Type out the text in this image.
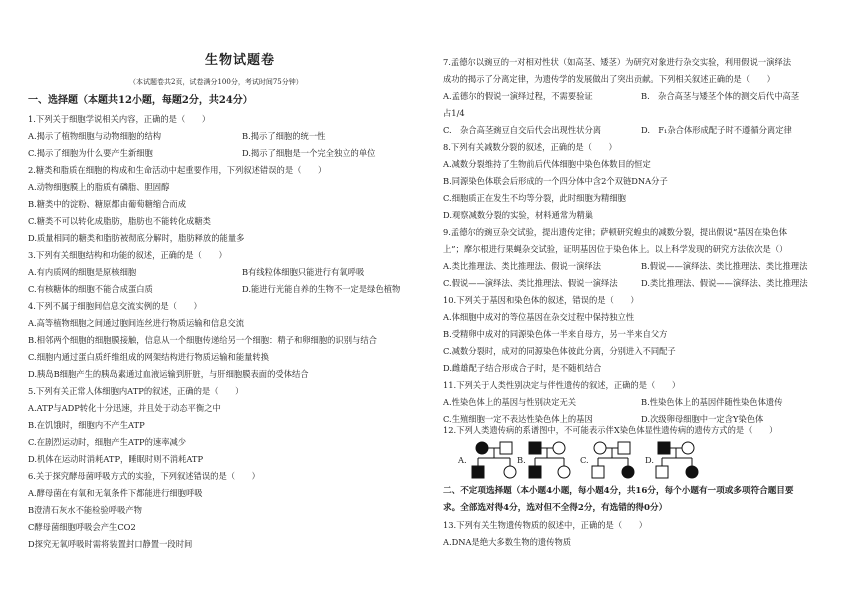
生物试题卷
（本试题卷共2页，试卷满分100分，考试时间75分钟）
一、选择题（本题共12小题，每题2分，共24分）
1.下列关于细胞学说相关内容，正确的是（　　）
A.揭示了植物细胞与动物细胞的结构	B.揭示了细胞的统一性
C.揭示了细胞为什么要产生新细胞	D.揭示了细胞是一个完全独立的单位
2.糖类和脂质在细胞的构成和生命活动中起重要作用，下列叙述错误的是（　　）
A.动物细胞膜上的脂质有磷脂、胆固醇
B.糖类中的淀粉、糖原都由葡萄糖缩合而成
C.糖类不可以转化成脂肪，脂肪也不能转化成糖类
D.质量相同的糖类和脂肪被彻底分解时，脂肪释放的能量多
3.下列有关细胞结构和功能的叙述，正确的是（　　）
A.有内质网的细胞是原核细胞	B有线粒体细胞只能进行有氧呼吸
C.有核糖体的细胞不能合成蛋白质	D.能进行光能自养的生物不一定是绿色植物
4.下列不属于细胞间信息交流实例的是（　　）
A.高等植物细胞之间通过胞间连丝进行物质运输和信息交流
B.相邻两个细胞的细胞膜接触，信息从一个细胞传递给另一个细胞：精子和卵细胞的识别与结合
C.细胞内通过蛋白质纤维组成的网架结构进行物质运输和能量转换
D.胰岛B细胞产生的胰岛素通过血液运输到肝脏，与肝细胞膜表面的受体结合
5.下列有关正常人体细胞内ATP的叙述，正确的是（　　）
A.ATP与ADP转化十分迅速，并且处于动态平衡之中
B.在饥饿时，细胞内不产生ATP
C.在剧烈运动时，细胞产生ATP的速率减少
D.机体在运动时消耗ATP，睡眠时则不消耗ATP
6.关于探究酵母菌呼吸方式的实验，下列叙述错误的是（　　）
A.酵母菌在有氧和无氧条件下都能进行细胞呼吸
B澄清石灰水不能检验呼吸产物
C酵母菌细胞呼吸会产生CO2
D探究无氧呼吸时需将装置封口静置一段时间
7.孟德尔以豌豆的一对相对性状（如高茎、矮茎）为研究对象进行杂交实验，利用假说一演绎法
成功的揭示了分离定律，为遗传学的发展做出了突出贡献。下列相关叙述正确的是（　　）
A.孟德尔的假说一演绎过程，不需要验证	B.　杂合高茎与矮茎个体的测交后代中高茎
占1/4
C.　杂合高茎豌豆自交后代会出现性状分离	D.　F₁杂合体形成配子时不遵循分离定律
8.下列有关减数分裂的叙述，正确的是（　　）
A.减数分裂维持了生物前后代体细胞中染色体数目的恒定
B.同源染色体联会后形成的一个四分体中含2个双链DNA分子
C.细胞质正在发生不均等分裂，此时细胞为精细胞
D.观察减数分裂的实验，材料通常为精巢
9.孟德尔的豌豆杂交试验，提出遗传定律；萨顿研究蝗虫的减数分裂，提出假说“基因在染色体
上”；摩尔根进行果蝇杂交试验，证明基因位于染色体上。以上科学发现的研究方法依次是（）
A.类比推理法、类比推理法、假说一演绎法	B.假说——演绎法、类比推理法、类比推理法
C.假说——演绎法、类比推理法、假说一演绎法	D.类比推理法、假说——演绎法、类比推理法
10.下列关于基因和染色体的叙述，错误的是（　　）
A.体细胞中成对的等位基因在杂交过程中保持独立性
B.受精卵中成对的同源染色体一半来自母方，另一半来自父方
C.减数分裂时，成对的同源染色体彼此分离，分别进入不同配子
D.雌雄配子结合形成合子时，是不随机结合
11.下列关于人类性别决定与伴性遗传的叙述，正确的是（　　）
A.性染色体上的基因与性别决定无关	B.性染色体上的基因伴随性染色体遗传
C.生殖细胞一定不表达性染色体上的基因	D.次级卵母细胞中一定含Y染色体
12.下列人类遗传病的系谱图中，不可能表示伴X染色体显性遗传病的遗传方式的是（　　）
A.	B.	C.	D.
二、不定项选择题（本小题4小题，每小题4分，共16分，每个小题有一项或多项符合题目要
求。全部选对得4分，选对但不全得2分，有选错的得0分）
13.下列有关生物遗传物质的叙述中，正确的是（　　）
A.DNA是绝大多数生物的遗传物质
